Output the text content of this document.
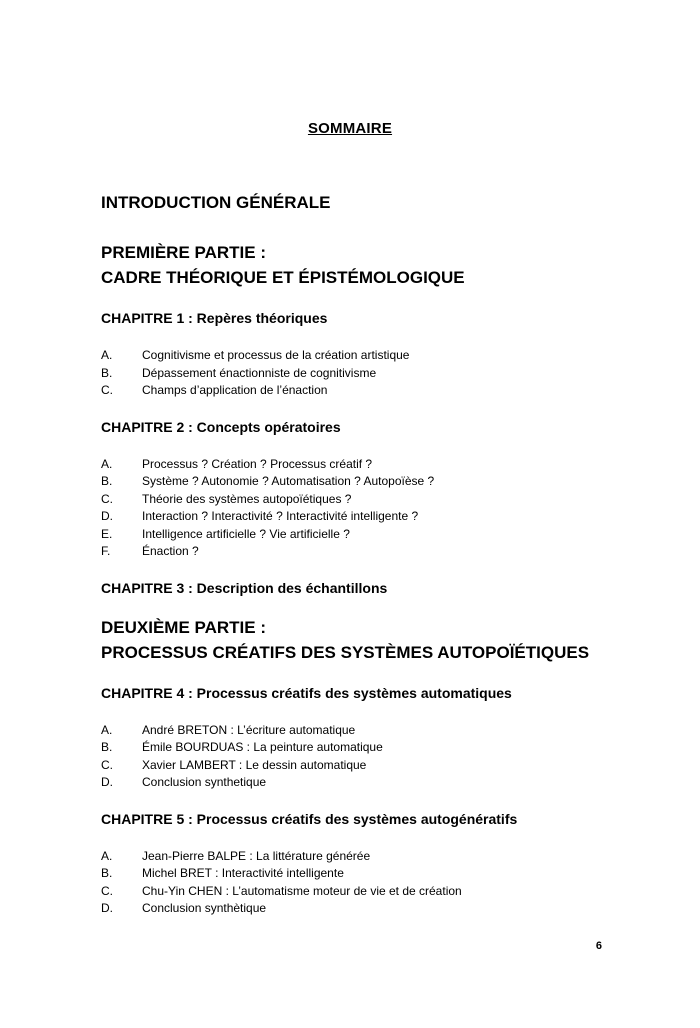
SOMMAIRE

INTRODUCTION GÉNÉRALE

PREMIÈRE PARTIE :

CADRE THÉORIQUE ET ÉPISTÉMOLOGIQUE

CHAPITRE 1 : Repères théoriques

A.	Cognitivisme et processus de la création artistique
B.	Dépassement énactionniste de cognitivisme
C.	Champs d’application de l’énaction

CHAPITRE 2 : Concepts opératoires

A.	Processus ? Création ? Processus créatif ?
B.	Système ? Autonomie ? Automatisation ? Autopoïèse ?
C.	Théorie des systèmes autopoïétiques ?
D.	Interaction ? Interactivité ? Interactivité intelligente ?
E.	Intelligence artificielle ? Vie artificielle ?
F.	Énaction ?

CHAPITRE 3 : Description des échantillons

DEUXIÈME PARTIE :

PROCESSUS CRÉATIFS DES SYSTÈMES AUTOPOÏÉTIQUES

CHAPITRE 4 : Processus créatifs des systèmes automatiques

A.	André BRETON : L’écriture automatique
B.	Émile BOURDUAS : La peinture automatique
C.	Xavier LAMBERT : Le dessin automatique
D.	Conclusion synthetique

CHAPITRE 5 : Processus créatifs des systèmes autogénératifs

A.	Jean-Pierre BALPE : La littérature générée
B.	Michel BRET : Interactivité intelligente
C.	Chu-Yin CHEN : L’automatisme moteur de vie et de création
D.	Conclusion synthètique
6
